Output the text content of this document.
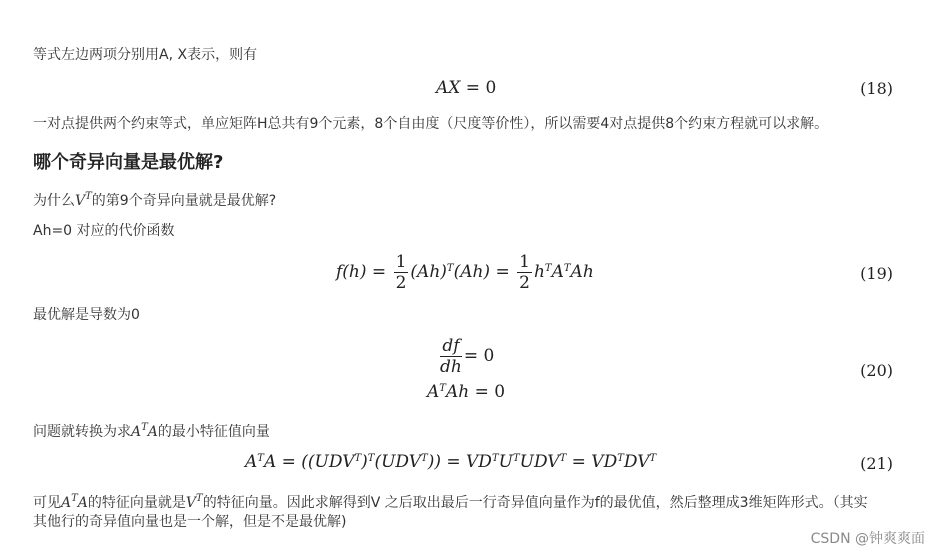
等式左边两项分别用A, X表示，则有
AX = 0	(18)
一对点提供两个约束等式，单应矩阵H总共有9个元素，8个自由度（尺度等价性），所以需要4对点提供8个约束方程就可以求解。
哪个奇异向量是最优解?
为什么$V^T$的第9个奇异向量就是最优解?
Ah=0 对应的代价函数
$f(h) = \frac{1}{2} (Ah)^T(Ah) = \frac{1}{2} h^TA^TAh$	(19)
最优解是导数为0
$\frac{df}{dh} = 0$
$A^TAh = 0$
(20)
问题就转换为求$A^TA$的最小特征值向量
$A^TA = ((UDV^T)^T(UDV^T)) = VD^TU^TUDV^T = VD^TDV^T$	(21)
可见$A^TA$的特征向量就是$V^T$的特征向量。因此求解得到V 之后取出最后一行奇异值向量作为f的最优值，然后整理成3维矩阵形式。（其实
其他行的奇异值向量也是一个解，但是不是最优解)
CSDN @钟爽爽面
